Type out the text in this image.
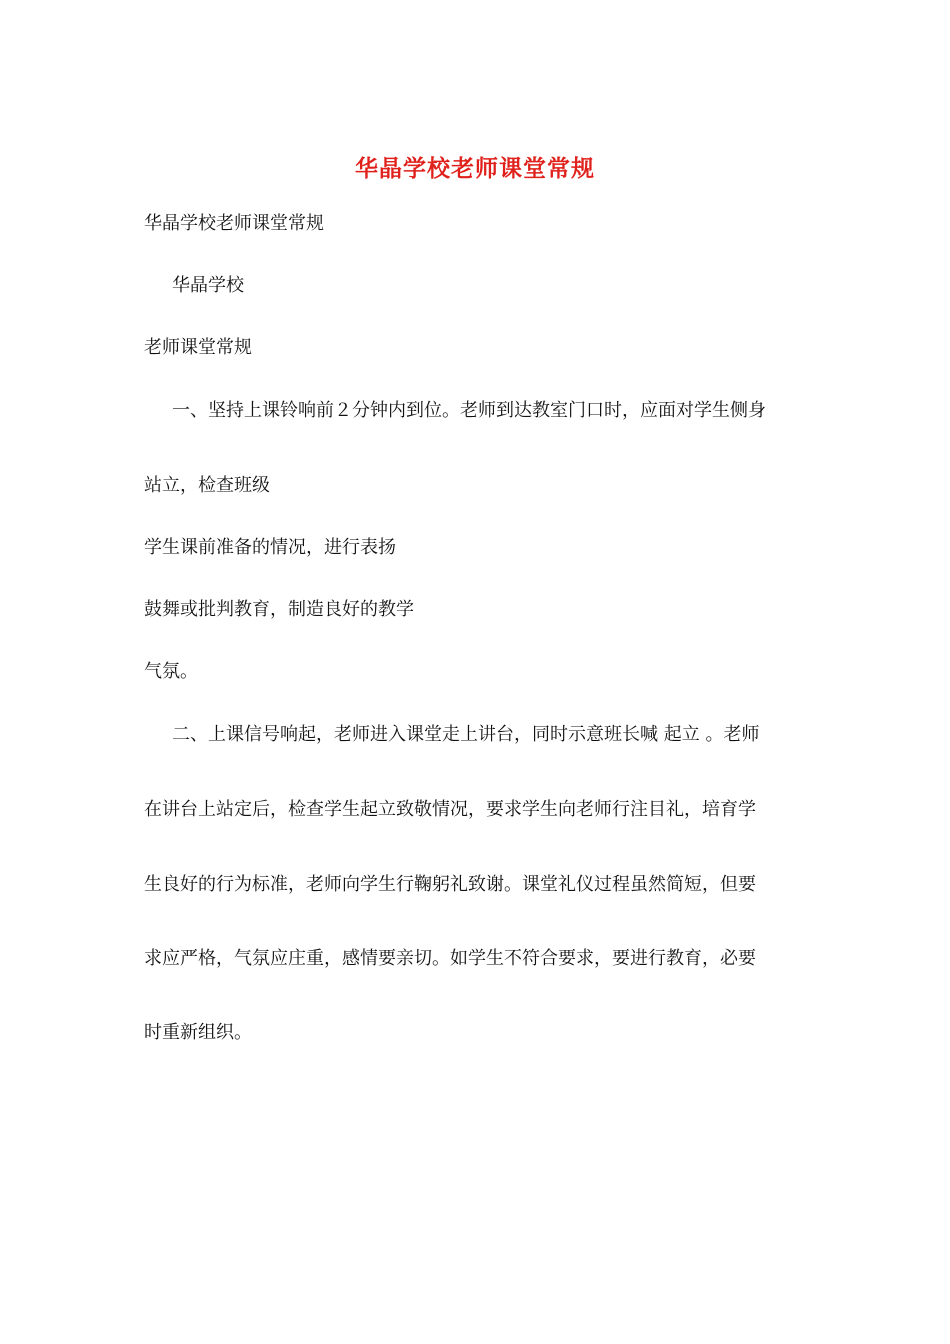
华晶学校老师课堂常规
华晶学校老师课堂常规
华晶学校
老师课堂常规
一、坚持上课铃响前２分钟内到位。老师到达教室门口时，应面对学生侧身
站立，检查班级
学生课前准备的情况，进行表扬
鼓舞或批判教育，制造良好的教学
气氛。
二、上课信号响起，老师进入课堂走上讲台，同时示意班长喊 起立 。老师
在讲台上站定后，检查学生起立致敬情况，要求学生向老师行注目礼，培育学
生良好的行为标准，老师向学生行鞠躬礼致谢。课堂礼仪过程虽然简短，但要
求应严格，气氛应庄重，感情要亲切。如学生不符合要求，要进行教育，必要
时重新组织。
